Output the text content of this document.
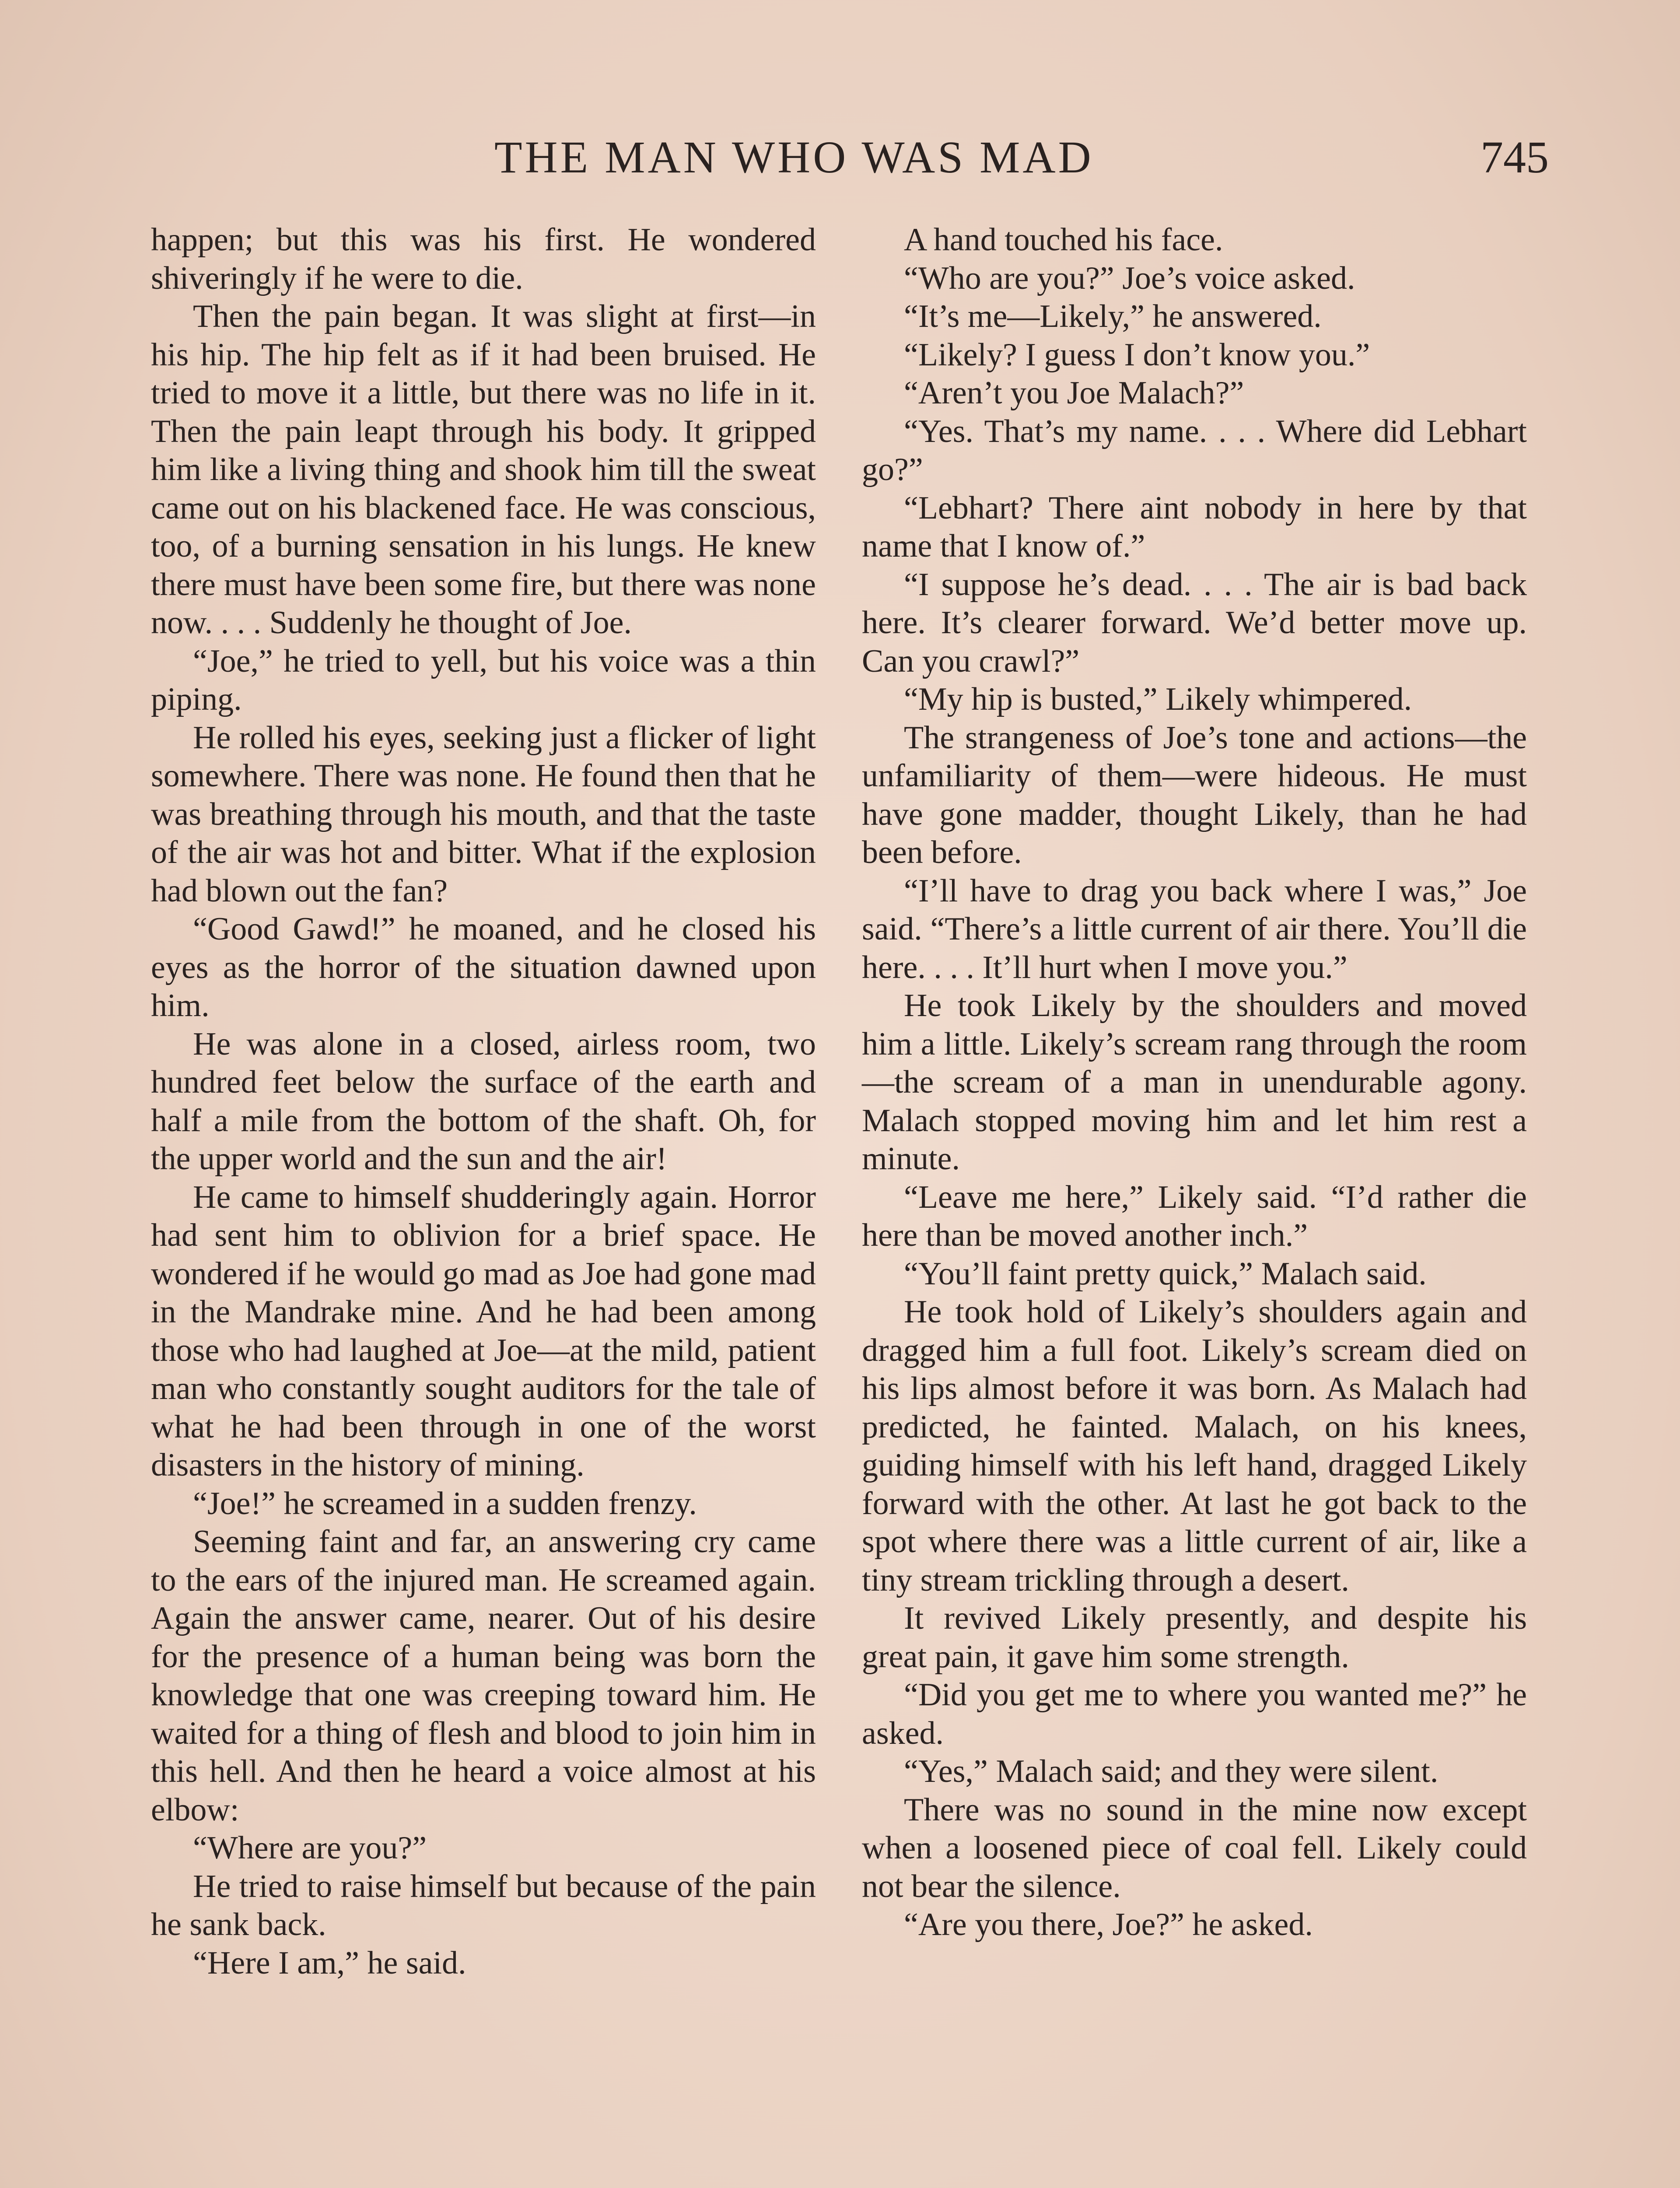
THE MAN WHO WAS MAD	745

happen; but this was his first. He wondered shiveringly if he were to die.

Then the pain began. It was slight at first—in his hip. The hip felt as if it had been bruised. He tried to move it a little, but there was no life in it. Then the pain leapt through his body. It gripped him like a living thing and shook him till the sweat came out on his blackened face. He was conscious, too, of a burning sensation in his lungs. He knew there must have been some fire, but there was none now. . . . Suddenly he thought of Joe.

“Joe,” he tried to yell, but his voice was a thin piping.

He rolled his eyes, seeking just a flicker of light somewhere. There was none. He found then that he was breathing through his mouth, and that the taste of the air was hot and bitter. What if the explosion had blown out the fan?

“Good Gawd!” he moaned, and he closed his eyes as the horror of the situation dawned upon him.

He was alone in a closed, airless room, two hundred feet below the surface of the earth and half a mile from the bottom of the shaft. Oh, for the upper world and the sun and the air!

He came to himself shudderingly again. Horror had sent him to oblivion for a brief space. He wondered if he would go mad as Joe had gone mad in the Mandrake mine. And he had been among those who had laughed at Joe—at the mild, patient man who constantly sought auditors for the tale of what he had been through in one of the worst disasters in the history of mining.

“Joe!” he screamed in a sudden frenzy.

Seeming faint and far, an answering cry came to the ears of the injured man. He screamed again. Again the answer came, nearer. Out of his desire for the presence of a human being was born the knowledge that one was creeping toward him. He waited for a thing of flesh and blood to join him in this hell. And then he heard a voice almost at his elbow:

“Where are you?”

He tried to raise himself but because of the pain he sank back.

“Here I am,” he said.

A hand touched his face.

“Who are you?” Joe’s voice asked.

“It’s me—Likely,” he answered.

“Likely? I guess I don’t know you.”

“Aren’t you Joe Malach?”

“Yes. That’s my name. . . . Where did Lebhart go?”

“Lebhart? There aint nobody in here by that name that I know of.”

“I suppose he’s dead. . . . The air is bad back here. It’s clearer forward. We’d better move up. Can you crawl?”

“My hip is busted,” Likely whimpered.

The strangeness of Joe’s tone and actions—the unfamiliarity of them—were hideous. He must have gone madder, thought Likely, than he had been before.

“I’ll have to drag you back where I was,” Joe said. “There’s a little current of air there. You’ll die here. . . . It’ll hurt when I move you.”

He took Likely by the shoulders and moved him a little. Likely’s scream rang through the room—the scream of a man in unendurable agony. Malach stopped moving him and let him rest a minute.

“Leave me here,” Likely said. “I’d rather die here than be moved another inch.”

“You’ll faint pretty quick,” Malach said.

He took hold of Likely’s shoulders again and dragged him a full foot. Likely’s scream died on his lips almost before it was born. As Malach had predicted, he fainted. Malach, on his knees, guiding himself with his left hand, dragged Likely forward with the other. At last he got back to the spot where there was a little current of air, like a tiny stream trickling through a desert.

It revived Likely presently, and despite his great pain, it gave him some strength.

“Did you get me to where you wanted me?” he asked.

“Yes,” Malach said; and they were silent.

There was no sound in the mine now except when a loosened piece of coal fell. Likely could not bear the silence.

“Are you there, Joe?” he asked.
